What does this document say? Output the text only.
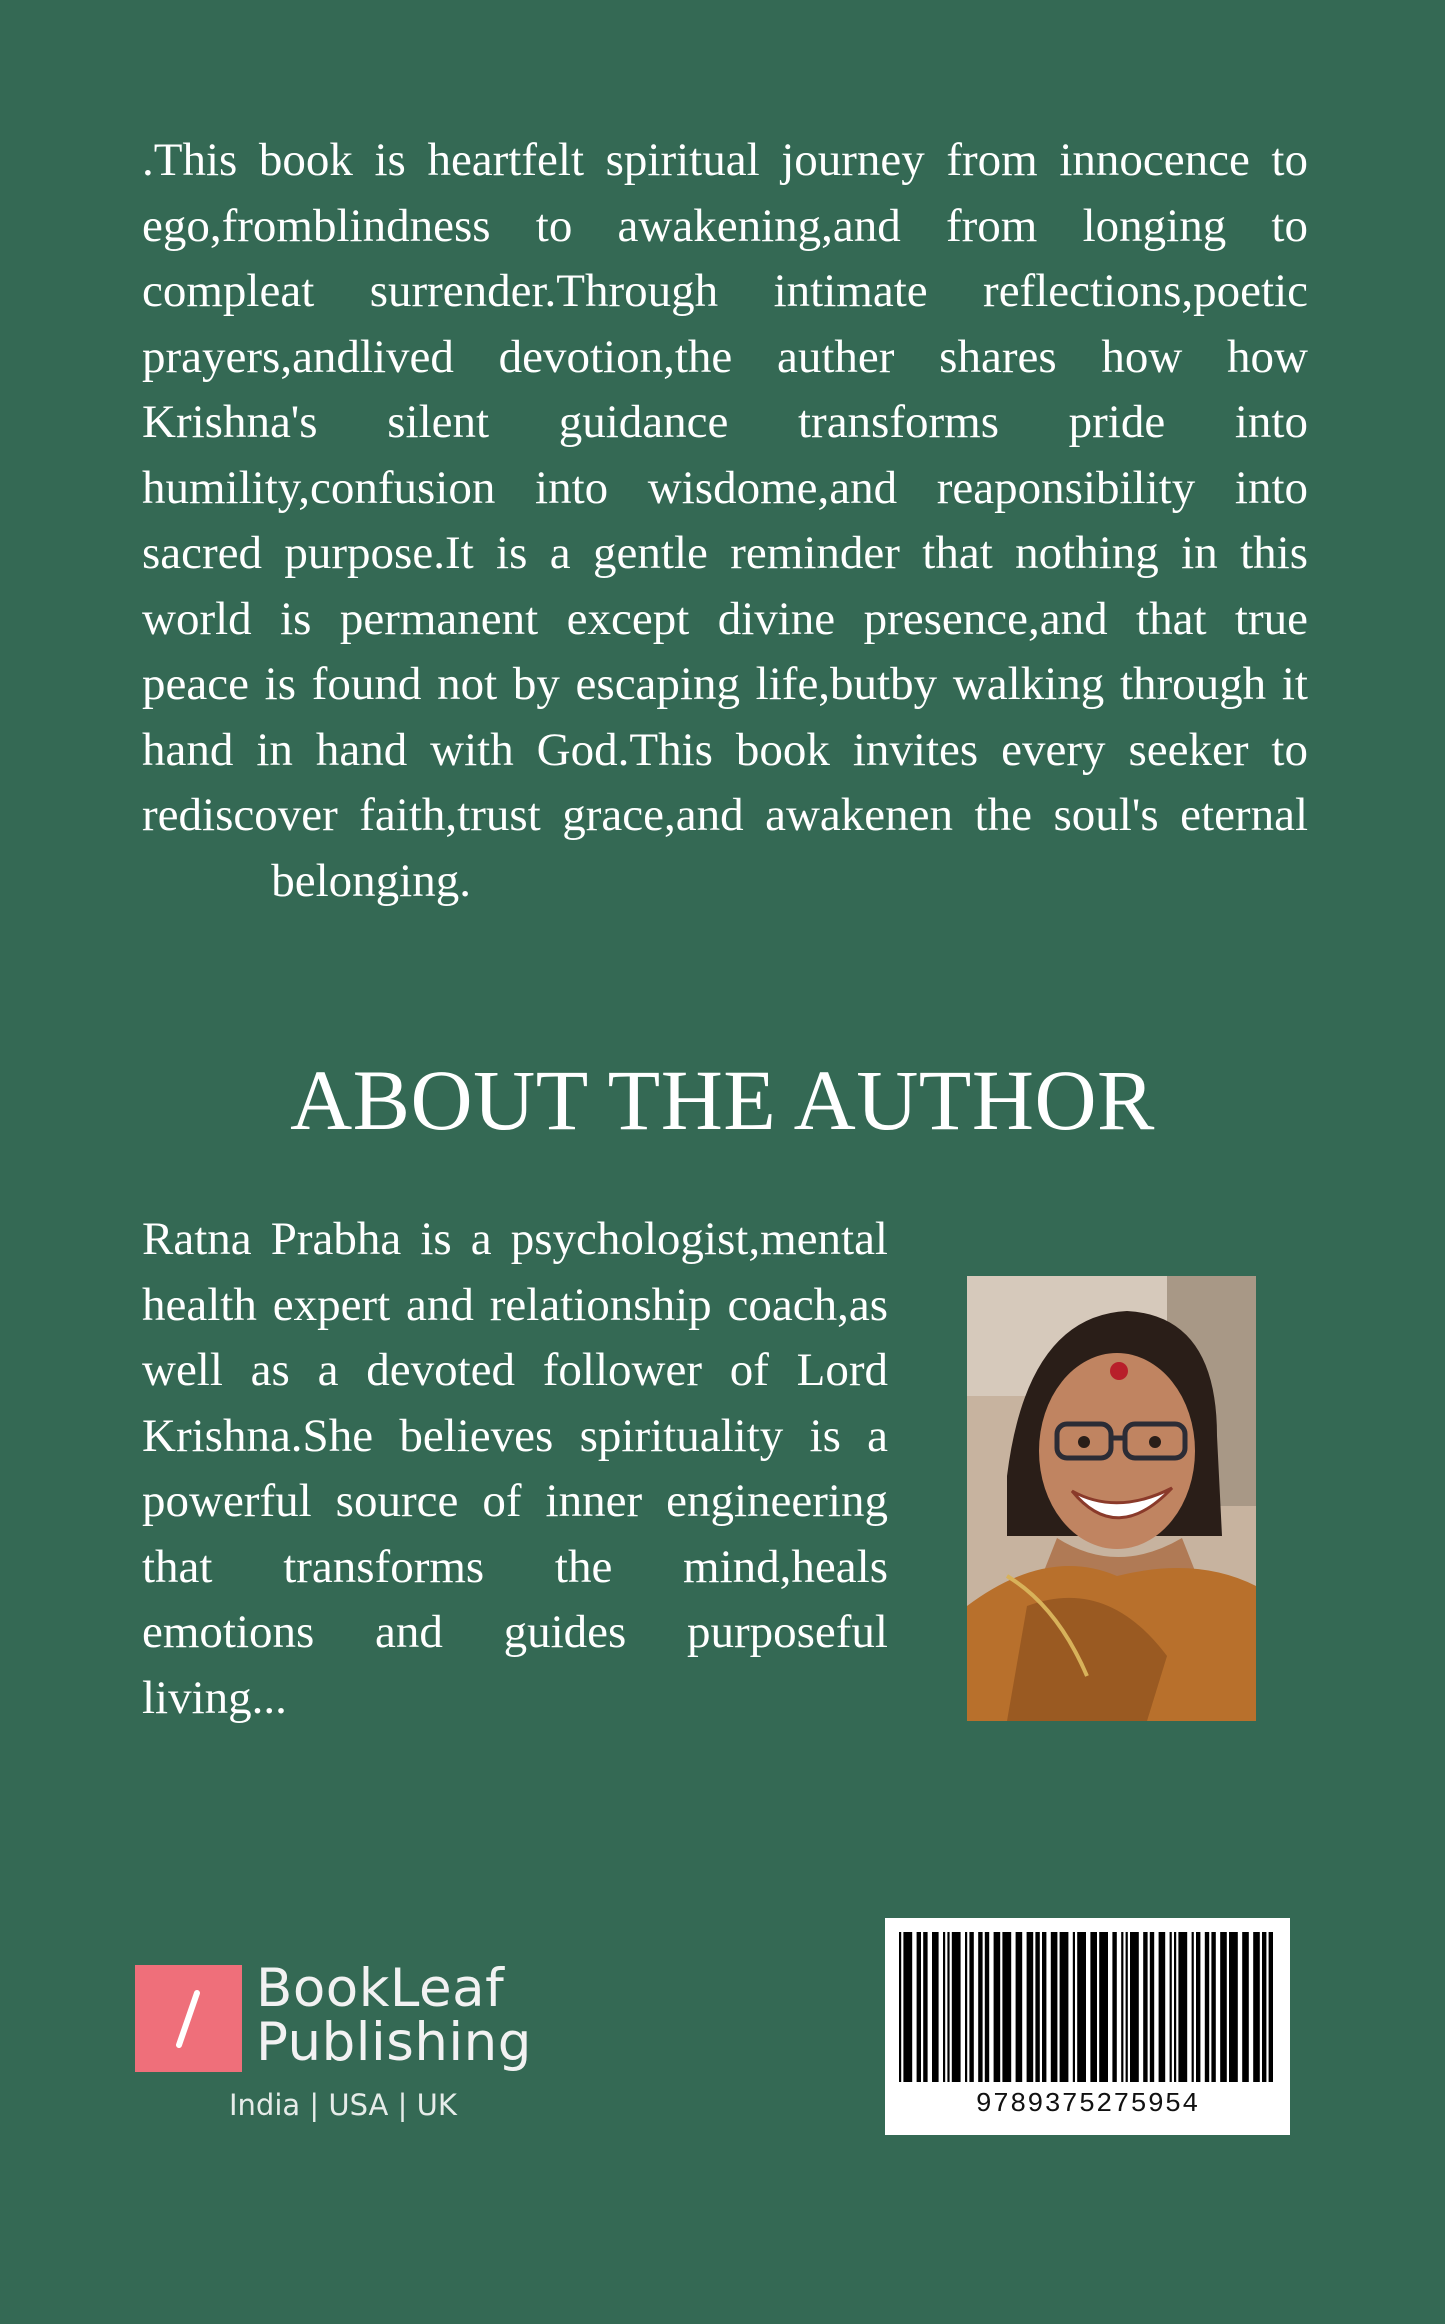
.This book is heartfelt spiritual journey from innocence to ego,fromblindness to awakening,and from longing to compleat surrender.Through intimate reflections,poetic prayers,andlived devotion,the auther shares how how Krishna's silent guidance transforms pride into humility,confusion into wisdome,and reaponsibility into sacred purpose.It is a gentle reminder that nothing in this world is permanent except divine presence,and that true peace is found not by escaping life,butby walking through it hand in hand with God.This book invites every seeker to rediscover faith,trust grace,and awakenen the soul's eternal            belonging.

ABOUT THE AUTHOR

Ratna Prabha is a psychologist,mental health expert and relationship coach,as well as a devoted follower of Lord Krishna.She believes spirituality is a powerful source of inner engineering that transforms the mind,heals emotions and guides purposeful living...

BookLeaf
Publishing
India | USA | UK	9789375275954
